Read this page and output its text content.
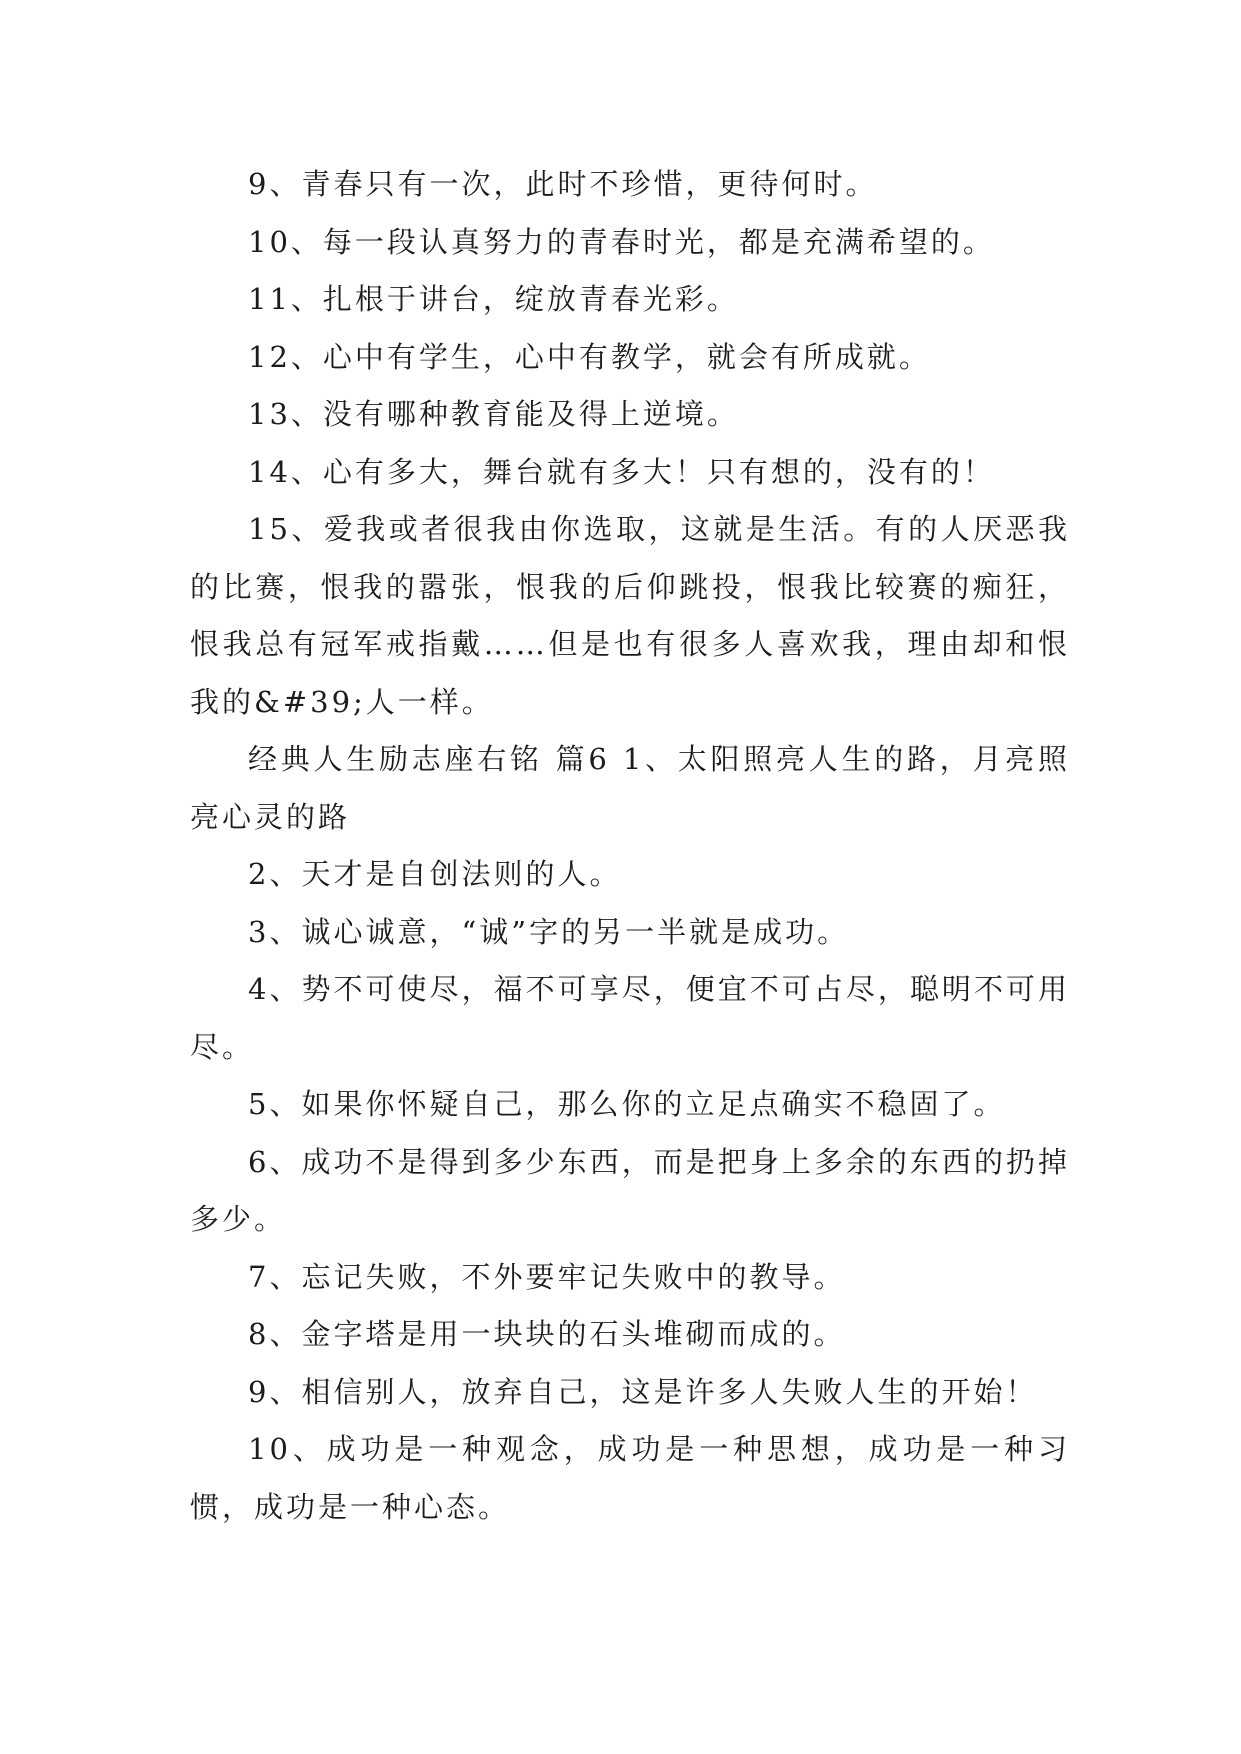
9、青春只有一次，此时不珍惜，更待何时。

10、每一段认真努力的青春时光，都是充满希望的。

11、扎根于讲台，绽放青春光彩。

12、心中有学生，心中有教学，就会有所成就。

13、没有哪种教育能及得上逆境。

14、心有多大，舞台就有多大！只有想的，没有的！

15、爱我或者很我由你选取，这就是生活。有的人厌恶我的比赛，恨我的嚣张，恨我的后仰跳投，恨我比较赛的痴狂，恨我总有冠军戒指戴……但是也有很多人喜欢我，理由却和恨我的&#39;人一样。

经典人生励志座右铭 篇6 1、太阳照亮人生的路，月亮照亮心灵的路

2、天才是自创法则的人。

3、诚心诚意，“诚”字的另一半就是成功。

4、势不可使尽，福不可享尽，便宜不可占尽，聪明不可用尽。

5、如果你怀疑自己，那么你的立足点确实不稳固了。

6、成功不是得到多少东西，而是把身上多余的东西的扔掉多少。

7、忘记失败，不外要牢记失败中的教导。

8、金字塔是用一块块的石头堆砌而成的。

9、相信别人，放弃自己，这是许多人失败人生的开始！

10、成功是一种观念，成功是一种思想，成功是一种习惯，成功是一种心态。
